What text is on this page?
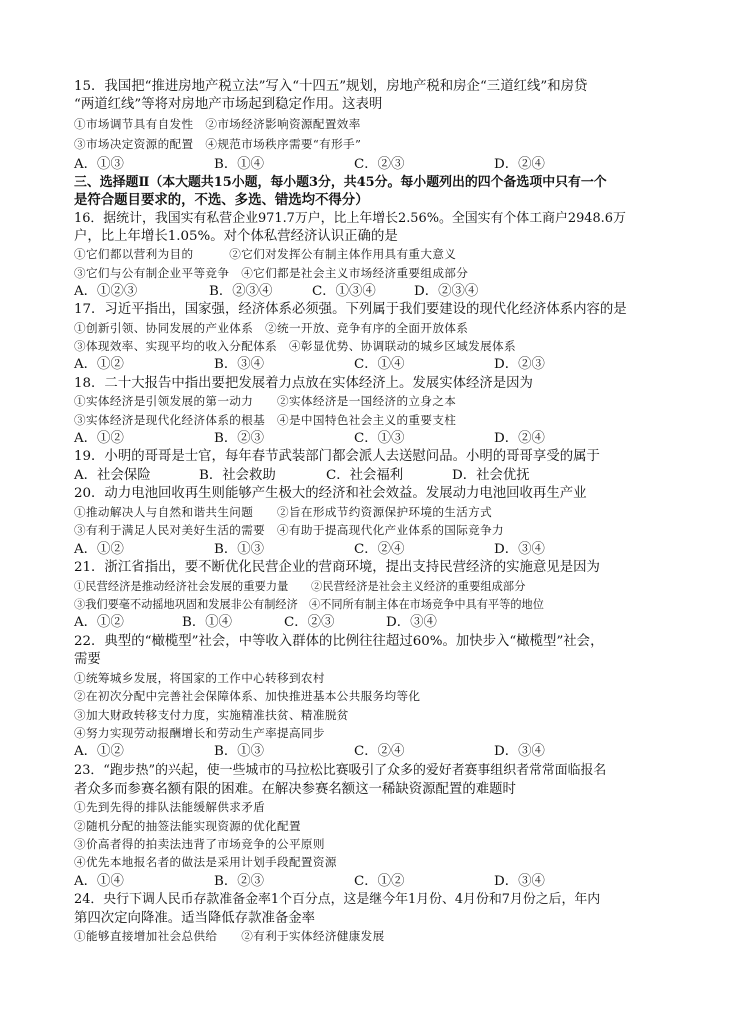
15．我国把“推进房地产税立法”写入“十四五”规划，房地产税和房企“三道红线”和房贷
“两道红线”等将对房地产市场起到稳定作用。这表明
①市场调节具有自发性　②市场经济影响资源配置效率
③市场决定资源的配置　④规范市场秩序需要“有形手”
A．①③	B．①④	C．②③	D．②④
三、选择题Ⅱ（本大题共15小题，每小题3分，共45分。每小题列出的四个备选项中只有一个
是符合题目要求的，不选、多选、错选均不得分）
16．据统计，我国实有私营企业971.7万户，比上年增长2.56%。全国实有个体工商户2948.6万
户，比上年增长1.05%。对个体私营经济认识正确的是
①它们都以营利为目的　　　②它们对发挥公有制主体作用具有重大意义
③它们与公有制企业平等竞争　④它们都是社会主义市场经济重要组成部分
A．①②③	B．②③④	C．①③④	D．②③④
17．习近平指出，国家强，经济体系必须强。下列属于我们要建设的现代化经济体系内容的是
①创新引领、协同发展的产业体系　②统一开放、竞争有序的全面开放体系
③体现效率、实现平均的收入分配体系　④彰显优势、协调联动的城乡区域发展体系
A．①②	B．③④	C．①④	D．②③
18．二十大报告中指出要把发展着力点放在实体经济上。发展实体经济是因为
①实体经济是引领发展的第一动力　　②实体经济是一国经济的立身之本
③实体经济是现代化经济体系的根基　④是中国特色社会主义的重要支柱
A．①②	B．②③	C．①③	D．②④
19．小明的哥哥是士官，每年春节武装部门都会派人去送慰问品。小明的哥哥享受的属于
A．社会保险	B．社会救助	C．社会福利	D．社会优抚
20．动力电池回收再生则能够产生极大的经济和社会效益。发展动力电池回收再生产业
①推动解决人与自然和谐共生问题　　②旨在形成节约资源保护环境的生活方式
③有利于满足人民对美好生活的需要　④有助于提高现代化产业体系的国际竞争力
A．①②	B．①③	C．②④	D．③④
21．浙江省指出，要不断优化民营企业的营商环境，提出支持民营经济的实施意见是因为
①民营经济是推动经济社会发展的重要力量　　②民营经济是社会主义经济的重要组成部分
③我们要毫不动摇地巩固和发展非公有制经济　④不同所有制主体在市场竞争中具有平等的地位
A．①②	B．①④	C．②③	D．③④
22．典型的“橄榄型”社会，中等收入群体的比例往往超过60%。加快步入“橄榄型”社会，
需要
①统筹城乡发展，将国家的工作中心转移到农村
②在初次分配中完善社会保障体系、加快推进基本公共服务均等化
③加大财政转移支付力度，实施精准扶贫、精准脱贫
④努力实现劳动报酬增长和劳动生产率提高同步
A．①②	B．①③	C．②④	D．③④
23．“跑步热”的兴起，使一些城市的马拉松比赛吸引了众多的爱好者赛事组织者常常面临报名
者众多而参赛名额有限的困难。在解决参赛名额这一稀缺资源配置的难题时
①先到先得的排队法能缓解供求矛盾
②随机分配的抽签法能实现资源的优化配置
③价高者得的拍卖法违背了市场竞争的公平原则
④优先本地报名者的做法是采用计划手段配置资源
A．①④	B．②③	C．①②	D．③④
24．央行下调人民币存款准备金率1个百分点，这是继今年1月份、4月份和7月份之后，年内
第四次定向降准。适当降低存款准备金率
①能够直接增加社会总供给　　②有利于实体经济健康发展
